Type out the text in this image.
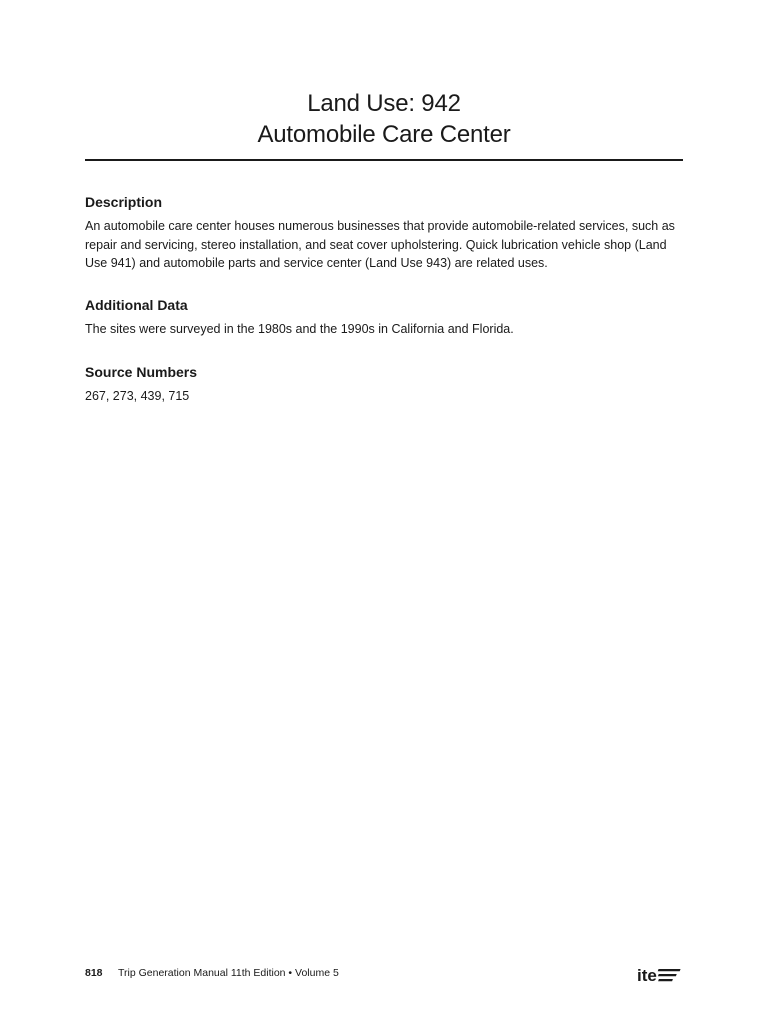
Land Use: 942
Automobile Care Center
Description

An automobile care center houses numerous businesses that provide automobile-related services, such as repair and servicing, stereo installation, and seat cover upholstering. Quick lubrication vehicle shop (Land Use 941) and automobile parts and service center (Land Use 943) are related uses.

Additional Data

The sites were surveyed in the 1980s and the 1990s in California and Florida.

Source Numbers

267, 273, 439, 715

818 Trip Generation Manual 11th Edition • Volume 5	ite
